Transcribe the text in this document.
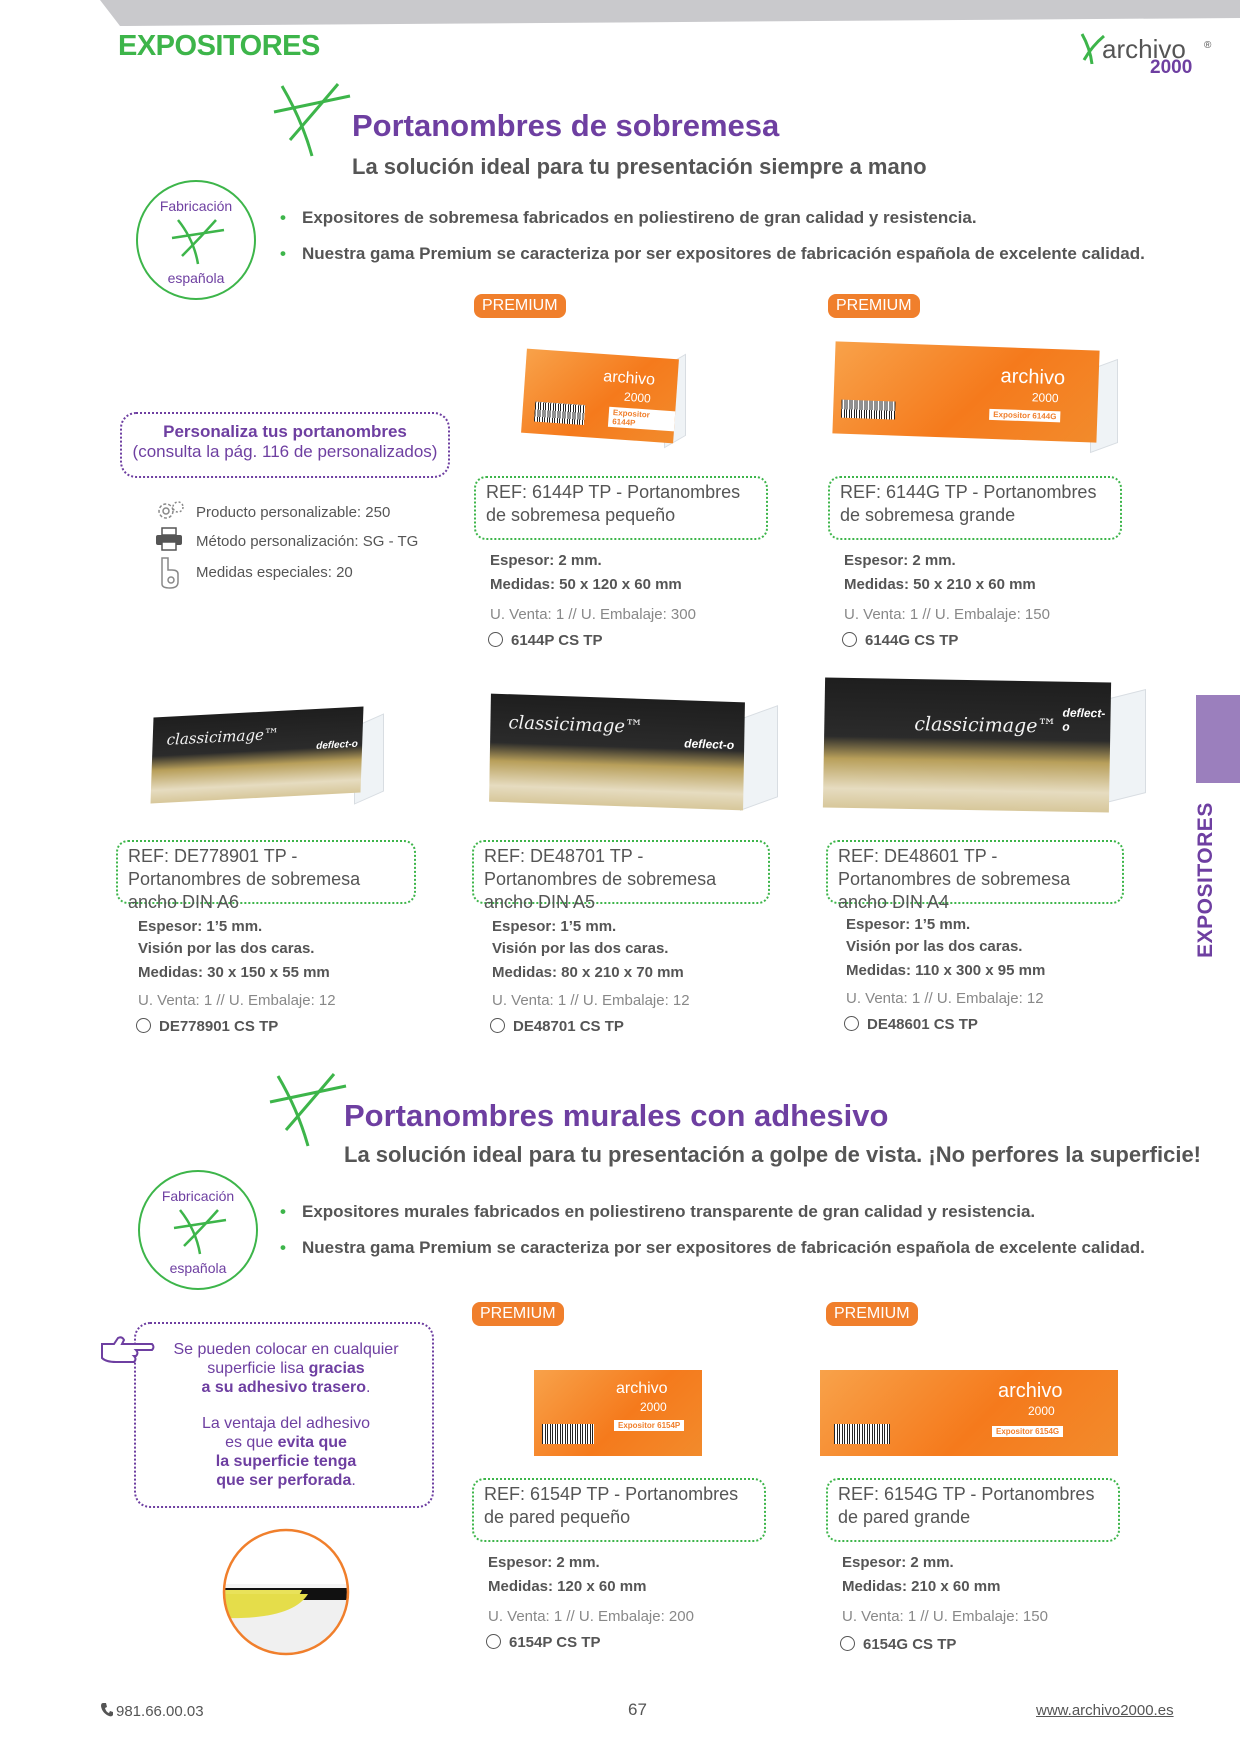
EXPOSITORES	archivo ®
2000
EXPOSITORES
Portanombres de sobremesa
La solución ideal para tu presentación siempre a mano
Fabricación
española
• Expositores de sobremesa fabricados en poliestireno de gran calidad y resistencia.
• Nuestra gama Premium se caracteriza por ser expositores de fabricación española de excelente calidad.
PREMIUM
archivo
2000
Expositor 6144P
REF: 6144P TP - Portanombres de sobremesa pequeño
Espesor: 2 mm.
Medidas: 50 x 120 x 60 mm
U. Venta: 1 // U. Embalaje: 300
6144P CS TP
PREMIUM
archivo
2000
Expositor 6144G
REF: 6144G TP - Portanombres de sobremesa grande
Espesor: 2 mm.
Medidas: 50 x 210 x 60 mm
U. Venta: 1 // U. Embalaje: 150
6144G CS TP
Personaliza tus portanombres
(consulta la pág. 116 de personalizados)
Producto personalizable: 250
Método personalización: SG - TG
Medidas especiales: 20
classicimage™	deflect-o
REF: DE778901 TP - Portanombres de sobremesa ancho DIN A6
Espesor: 1’5 mm.
Visión por las dos caras.
Medidas: 30 x 150 x 55 mm
U. Venta: 1 // U. Embalaje: 12
DE778901 CS TP
classicimage™
deflect-o
REF: DE48701 TP - Portanombres de sobremesa ancho DIN A5
Espesor: 1’5 mm.
Visión por las dos caras.
Medidas: 80 x 210 x 70 mm
U. Venta: 1 // U. Embalaje: 12
DE48701 CS TP
classicimage™
deflect-o
REF: DE48601 TP - Portanombres de sobremesa ancho DIN A4
Espesor: 1’5 mm.
Visión por las dos caras.
Medidas: 110 x 300 x 95 mm
U. Venta: 1 // U. Embalaje: 12
DE48601 CS TP
Portanombres murales con adhesivo
La solución ideal para tu presentación a golpe de vista. ¡No perfores la superficie!
Fabricación
española
• Expositores murales fabricados en poliestireno transparente de gran calidad y resistencia.
• Nuestra gama Premium se caracteriza por ser expositores de fabricación española de excelente calidad.
Se pueden colocar en cualquier
superficie lisa gracias
a su adhesivo trasero.
La ventaja del adhesivo
es que evita que
la superficie tenga
que ser perforada.
PREMIUM
archivo
2000
Expositor 6154P
REF: 6154P TP - Portanombres de pared pequeño
Espesor: 2 mm.
Medidas: 120 x 60 mm
U. Venta: 1 // U. Embalaje: 200
6154P CS TP
PREMIUM
archivo
2000
Expositor 6154G
REF: 6154G TP - Portanombres de pared grande
Espesor: 2 mm.
Medidas: 210 x 60 mm
U. Venta: 1 // U. Embalaje: 150
6154G CS TP
981.66.00.03	67	www.archivo2000.es
